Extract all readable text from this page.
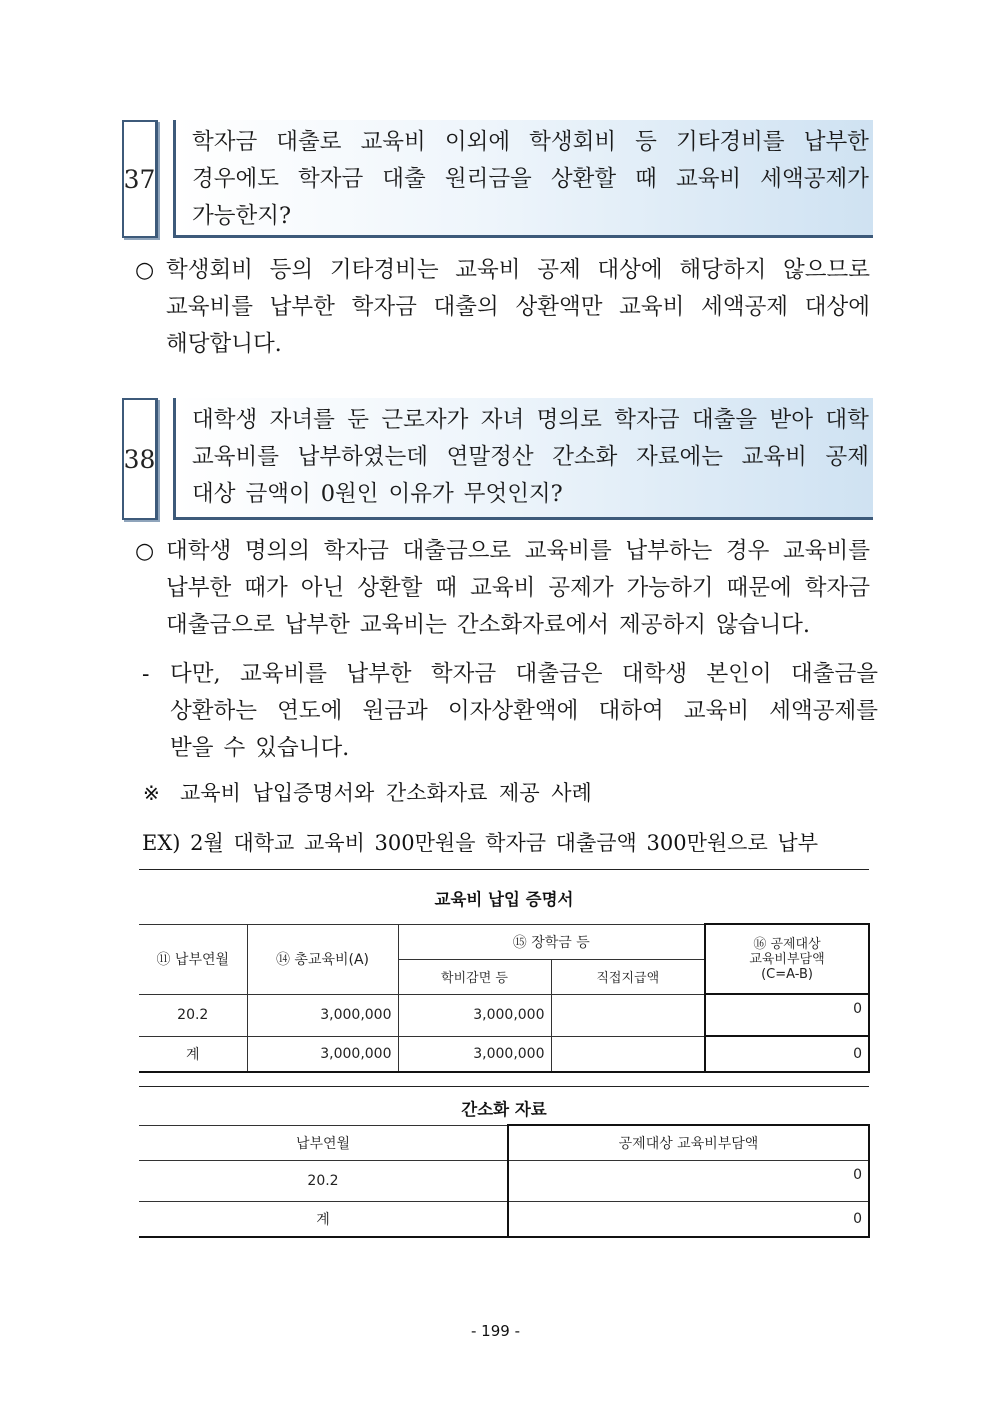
37
학자금 대출로 교육비 이외에 학생회비 등 기타경비를 납부한
경우에도 학자금 대출 원리금을 상환할 때 교육비 세액공제가
가능한지?
○ 학생회비 등의 기타경비는 교육비 공제 대상에 해당하지 않으므로
교육비를 납부한 학자금 대출의 상환액만 교육비 세액공제 대상에
해당합니다.
38
대학생 자녀를 둔 근로자가 자녀 명의로 학자금 대출을 받아 대학
교육비를 납부하였는데 연말정산 간소화 자료에는 교육비 공제
대상 금액이 0원인 이유가 무엇인지?
○ 대학생 명의의 학자금 대출금으로 교육비를 납부하는 경우 교육비를
납부한 때가 아닌 상환할 때 교육비 공제가 가능하기 때문에 학자금
대출금으로 납부한 교육비는 간소화자료에서 제공하지 않습니다.
- 다만, 교육비를 납부한 학자금 대출금은 대학생 본인이 대출금을
상환하는 연도에 원금과 이자상환액에 대하여 교육비 세액공제를
받을 수 있습니다.
※ 교육비 납입증명서와 간소화자료 제공 사례
EX) 2월 대학교 교육비 300만원을 학자금 대출금액 300만원으로 납부
교육비 납입 증명서
⑪ 납부연월	⑭ 총교육비(A)	⑮ 장학금 등		⑯ 공제대상
교육비부담액
(C=A-B)

		학비감면 등	직접지급액	
20.2	3,000,000	3,000,000		0
계	3,000,000	3,000,000		0
간소화 자료
납부연월	공제대상 교육비부담액
20.2	0
계	0
- 199 -
